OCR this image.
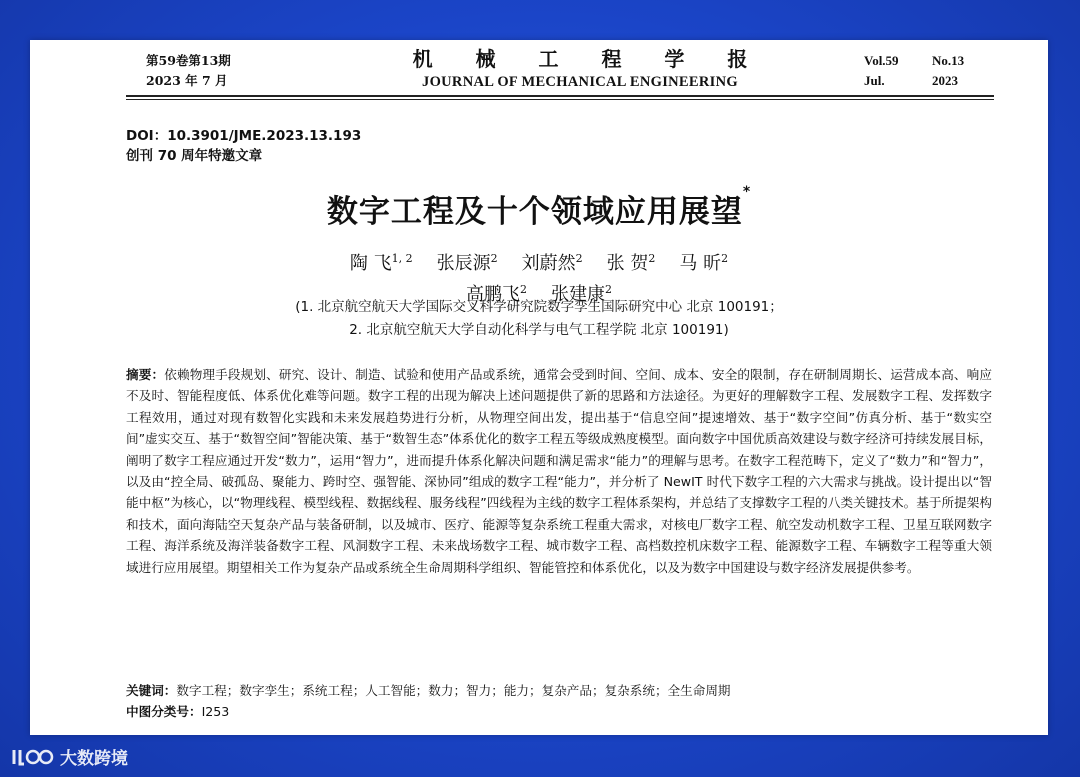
第59卷第13期
2023 年 7 月
机 械 工 程 学 报
JOURNAL OF MECHANICAL ENGINEERING
Vol.59	No.13
Jul.	2023
DOI：10.3901/JME.2023.13.193
创刊 70 周年特邀文章
数字工程及十个领域应用展望*
陶 飞$^{1, 2}$ 张辰源$^2$ 刘蔚然$^2$ 张 贺$^2$ 马 昕$^2$
高鹏飞$^2$ 张建康$^2$
(1. 北京航空航天大学国际交叉科学研究院数字孪生国际研究中心 北京 100191；
2. 北京航空航天大学自动化科学与电气工程学院 北京 100191)
摘要：依赖物理手段规划、研究、设计、制造、试验和使用产品或系统，通常会受到时间、空间、成本、安全的限制，存在研制周期长、运营成本高、响应不及时、智能程度低、体系优化难等问题。数字工程的出现为解决上述问题提供了新的思路和方法途径。为更好的理解数字工程、发展数字工程、发挥数字工程效用，通过对现有数智化实践和未来发展趋势进行分析，从物理空间出发，提出基于“信息空间”提速增效、基于“数字空间”仿真分析、基于“数实空间”虚实交互、基于“数智空间”智能决策、基于“数智生态”体系优化的数字工程五等级成熟度模型。面向数字中国优质高效建设与数字经济可持续发展目标，阐明了数字工程应通过开发“数力”，运用“智力”，进而提升体系化解决问题和满足需求“能力”的理解与思考。在数字工程范畴下，定义了“数力”和“智力”，以及由“控全局、破孤岛、聚能力、跨时空、强智能、深协同”组成的数字工程“能力”，并分析了 NewIT 时代下数字工程的六大需求与挑战。设计提出以“智能中枢”为核心，以“物理线程、模型线程、数据线程、服务线程”四线程为主线的数字工程体系架构，并总结了支撑数字工程的八类关键技术。基于所提架构和技术，面向海陆空天复杂产品与装备研制，以及城市、医疗、能源等复杂系统工程重大需求，对核电厂数字工程、航空发动机数字工程、卫星互联网数字工程、海洋系统及海洋装备数字工程、风洞数字工程、未来战场数字工程、城市数字工程、高档数控机床数字工程、能源数字工程、车辆数字工程等重大领域进行应用展望。期望相关工作为复杂产品或系统全生命周期科学组织、智能管控和体系优化，以及为数字中国建设与数字经济发展提供参考。
关键词：数字工程；数字孪生；系统工程；人工智能；数力；智力；能力；复杂产品；复杂系统；全生命周期
中图分类号：I253
大数跨境
